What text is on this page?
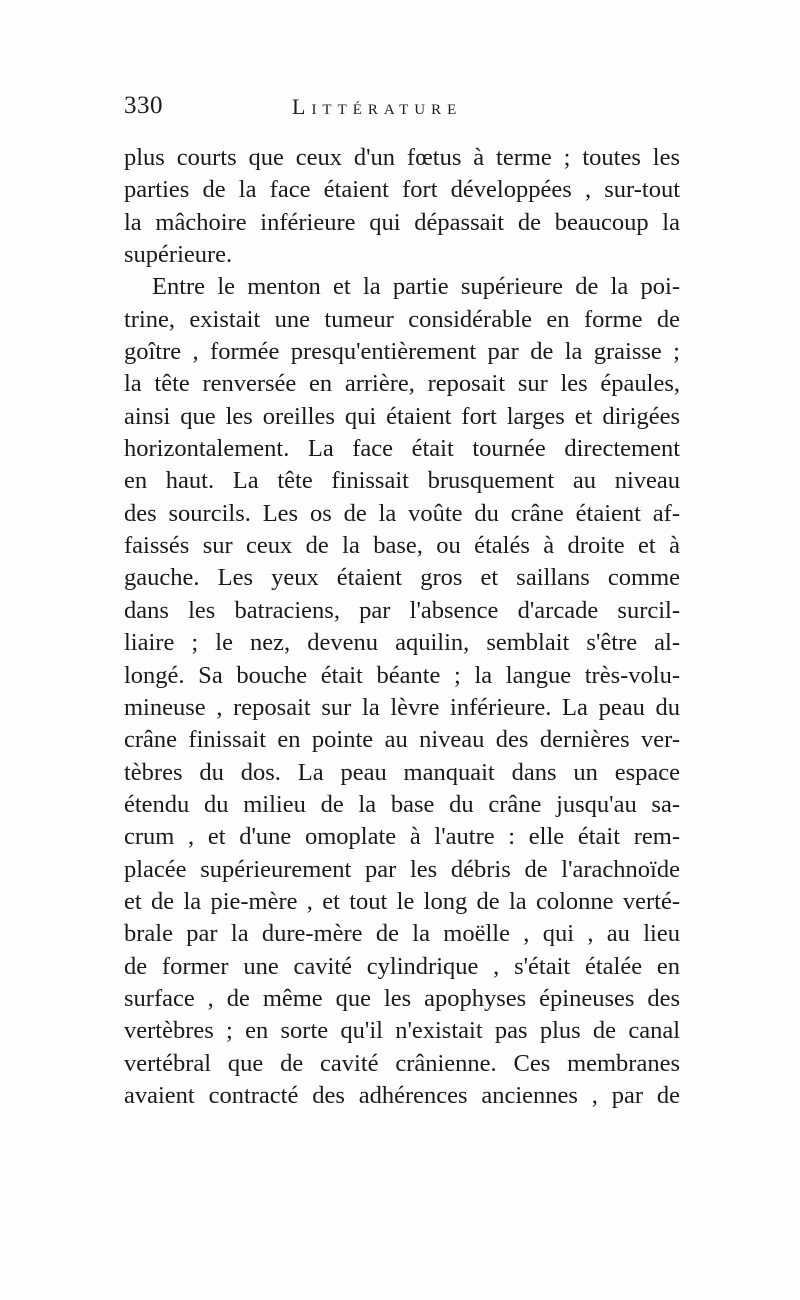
330	Littérature
plus courts que ceux d'un fœtus à terme ; toutes les
parties de la face étaient fort développées , sur-tout
la mâchoire inférieure qui dépassait de beaucoup la
supérieure.
Entre le menton et la partie supérieure de la poi-
trine, existait une tumeur considérable en forme de
goître , formée presqu'entièrement par de la graisse ;
la tête renversée en arrière, reposait sur les épaules,
ainsi que les oreilles qui étaient fort larges et dirigées
horizontalement. La face était tournée directement
en haut. La tête finissait brusquement au niveau
des sourcils. Les os de la voûte du crâne étaient af-
faissés sur ceux de la base, ou étalés à droite et à
gauche. Les yeux étaient gros et saillans comme
dans les batraciens, par l'absence d'arcade surcil-
liaire ; le nez, devenu aquilin, semblait s'être al-
longé. Sa bouche était béante ; la langue très-volu-
mineuse , reposait sur la lèvre inférieure. La peau du
crâne finissait en pointe au niveau des dernières ver-
tèbres du dos. La peau manquait dans un espace
étendu du milieu de la base du crâne jusqu'au sa-
crum , et d'une omoplate à l'autre : elle était rem-
placée supérieurement par les débris de l'arachnoïde
et de la pie-mère , et tout le long de la colonne verté-
brale par la dure-mère de la moëlle , qui , au lieu
de former une cavité cylindrique , s'était étalée en
surface , de même que les apophyses épineuses des
vertèbres ; en sorte qu'il n'existait pas plus de canal
vertébral que de cavité crânienne. Ces membranes
avaient contracté des adhérences anciennes , par de
